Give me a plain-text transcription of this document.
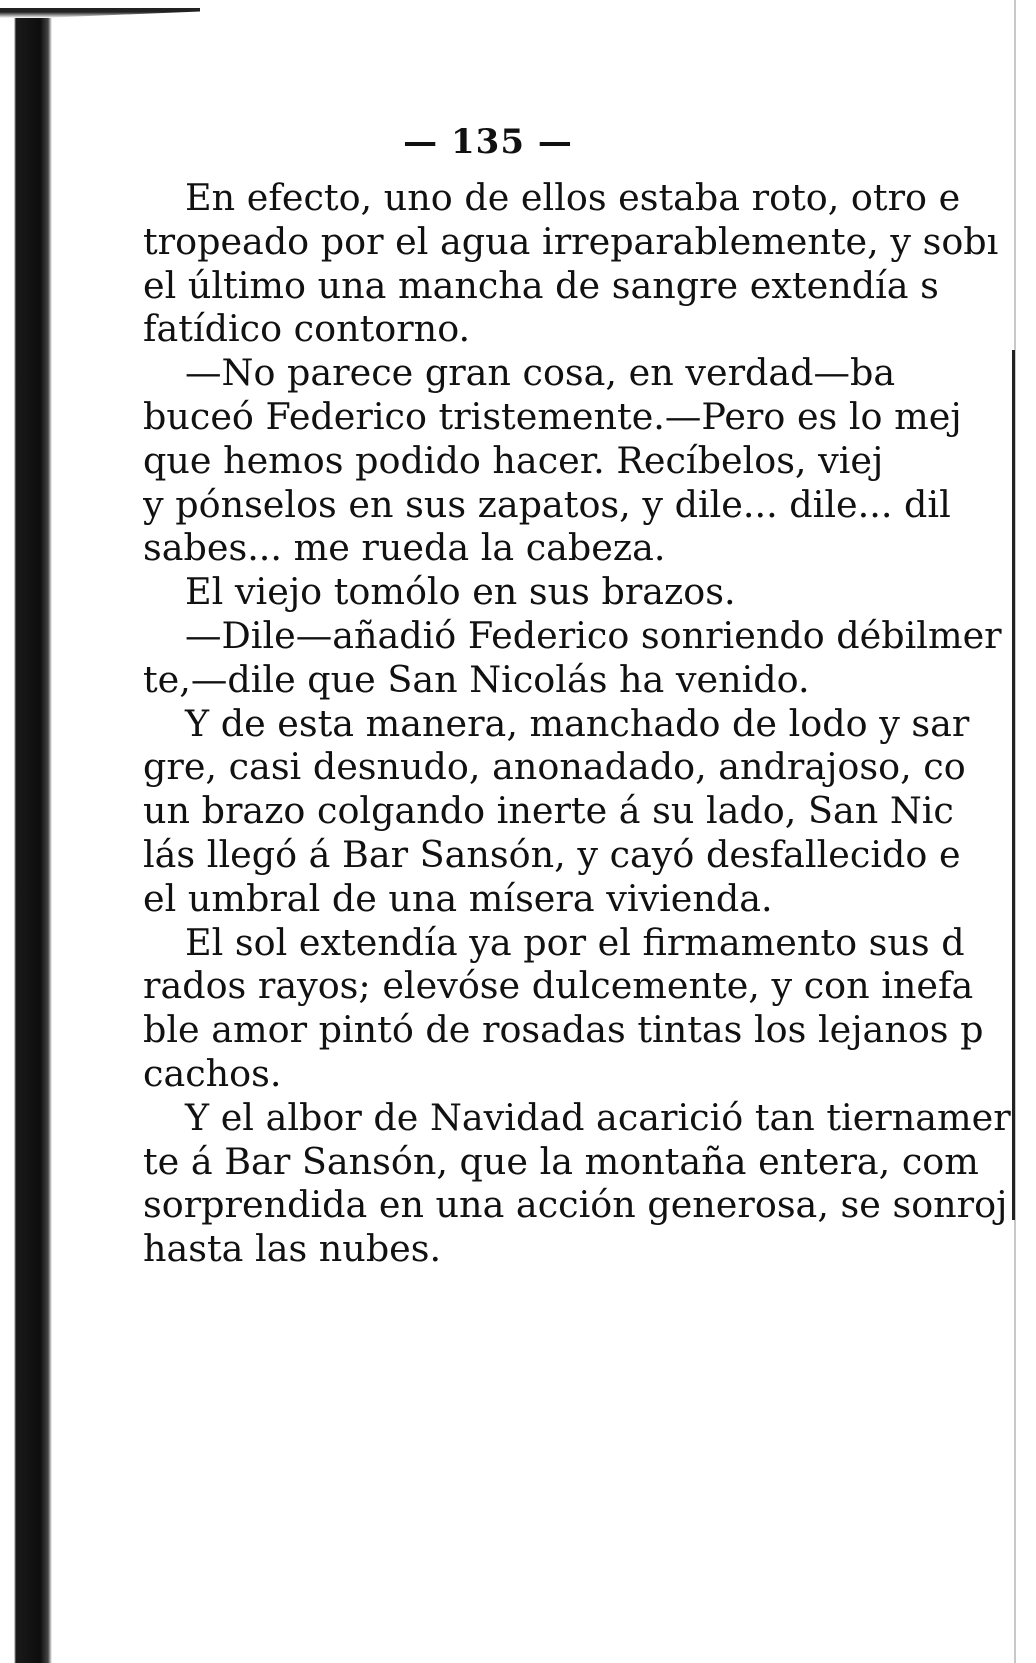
— 135 —
En efecto, uno de ellos estaba roto, otro e
tropeado por el agua irreparablemente, y sobı
el último una mancha de sangre extendía s
fatídico contorno.
—No parece gran cosa, en verdad—ba
buceó Federico tristemente.—Pero es lo mej
que hemos podido hacer. Recíbelos, viej
y pónselos en sus zapatos, y dile... dile... dil
sabes... me rueda la cabeza.
El viejo tomólo en sus brazos.
—Dile—añadió Federico sonriendo débilmer
te,—dile que San Nicolás ha venido.
Y de esta manera, manchado de lodo y sar
gre, casi desnudo, anonadado, andrajoso, co
un brazo colgando inerte á su lado, San Nic
lás llegó á Bar Sansón, y cayó desfallecido e
el umbral de una mísera vivienda.
El sol extendía ya por el firmamento sus d
rados rayos; elevóse dulcemente, y con inefa
ble amor pintó de rosadas tintas los lejanos p
cachos.
Y el albor de Navidad acarició tan tiernamer
te á Bar Sansón, que la montaña entera, com
sorprendida en una acción generosa, se sonroj
hasta las nubes.
